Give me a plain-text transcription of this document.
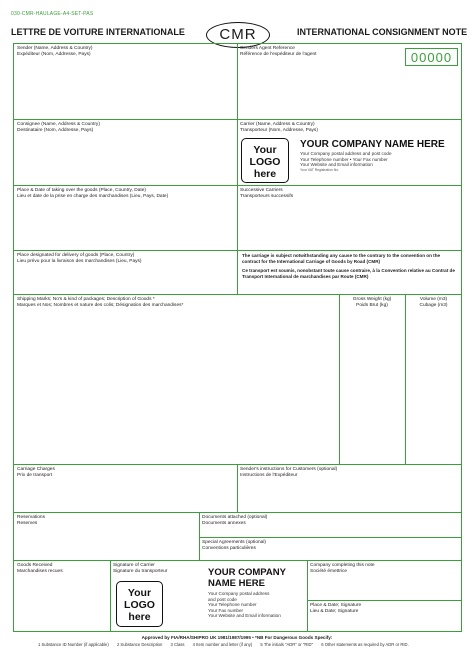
030-CMR-HAULAGE-A4-SET-PAS
LETTRE DE VOITURE INTERNATIONALE	CMR	INTERNATIONAL CONSIGNMENT NOTE
00000
Sender (Name, Address & Country)
Expéditeur (Nom, Addresse, Pays)
Senders Agent Reference
Référence de l'expéditeur de l'agent
Consignee (Name, Address & Country)
Destinataire (Nom, Addresse, Pays)
Carrier (Name, Address & Country)
Transporteur (Nom, Addresse, Pays)
Your
LOGO
here
YOUR COMPANY NAME HERE
Your Company postal address and post code
Your Telephone number • Your Fax number
Your Website and Email information
Your VAT Registration No.
Place & Date of taking over the goods (Place, Country, Date)
Lieu et date de la prise en charge des marchandises (Lieu, Pays, Date)
Successive Carriers
Transporteurs successifs
Place designated for delivery of goods (Place, Country)
Lieu prévu pour la livraison des marchandises (Lieu, Pays)
The carriage is subject notwithstanding any cause to the contrary to the convention on the contract for the International Carriage of Goods by Road (CMR)
Ce transport est soumis, nonobstant toute cause contraire, à la Convention relative au Contrat de Transport International de marchandises par Route (CMR)
Shipping Marks; No's & kind of packages; Description of Goods *
Marques et Nos; Nombres et nature des colis; Désignation des marchandises*
Gross Weight (kg)
Poids Brut (kg)
Volume (m3)
Cubage (m3)
Carriage Charges
Prix de transport
Sender's instructions for Customers (optional)
Instructions de l'Expéditeur
Reservations
Reserves
Documents attached (optional)
Documents annexes
Special Agreements (optional)
Conventions particulières
Goods Received
Marchandises recues
Signature of Carrier
Signature du transporteur
Your
LOGO
here
YOUR COMPANY
NAME HERE
Your Company postal address
and post code
Your Telephone number
Your Fax number
Your Website and Email information
Company completing this note
Société émettrice
Place & Date; Signature
Lieu & Date; Signature
Approved by FIA/RHA/SHIPRO UK 1981/1987/1995 • *NB For Dangerous Goods Specify:
1 Substance ID Number (if applicable) 2 Substance Description 3 Class 4 Item number and letter (if any) 5 The initials "ADR" or "RID" 6 Other statements as required by ADR or RID.
